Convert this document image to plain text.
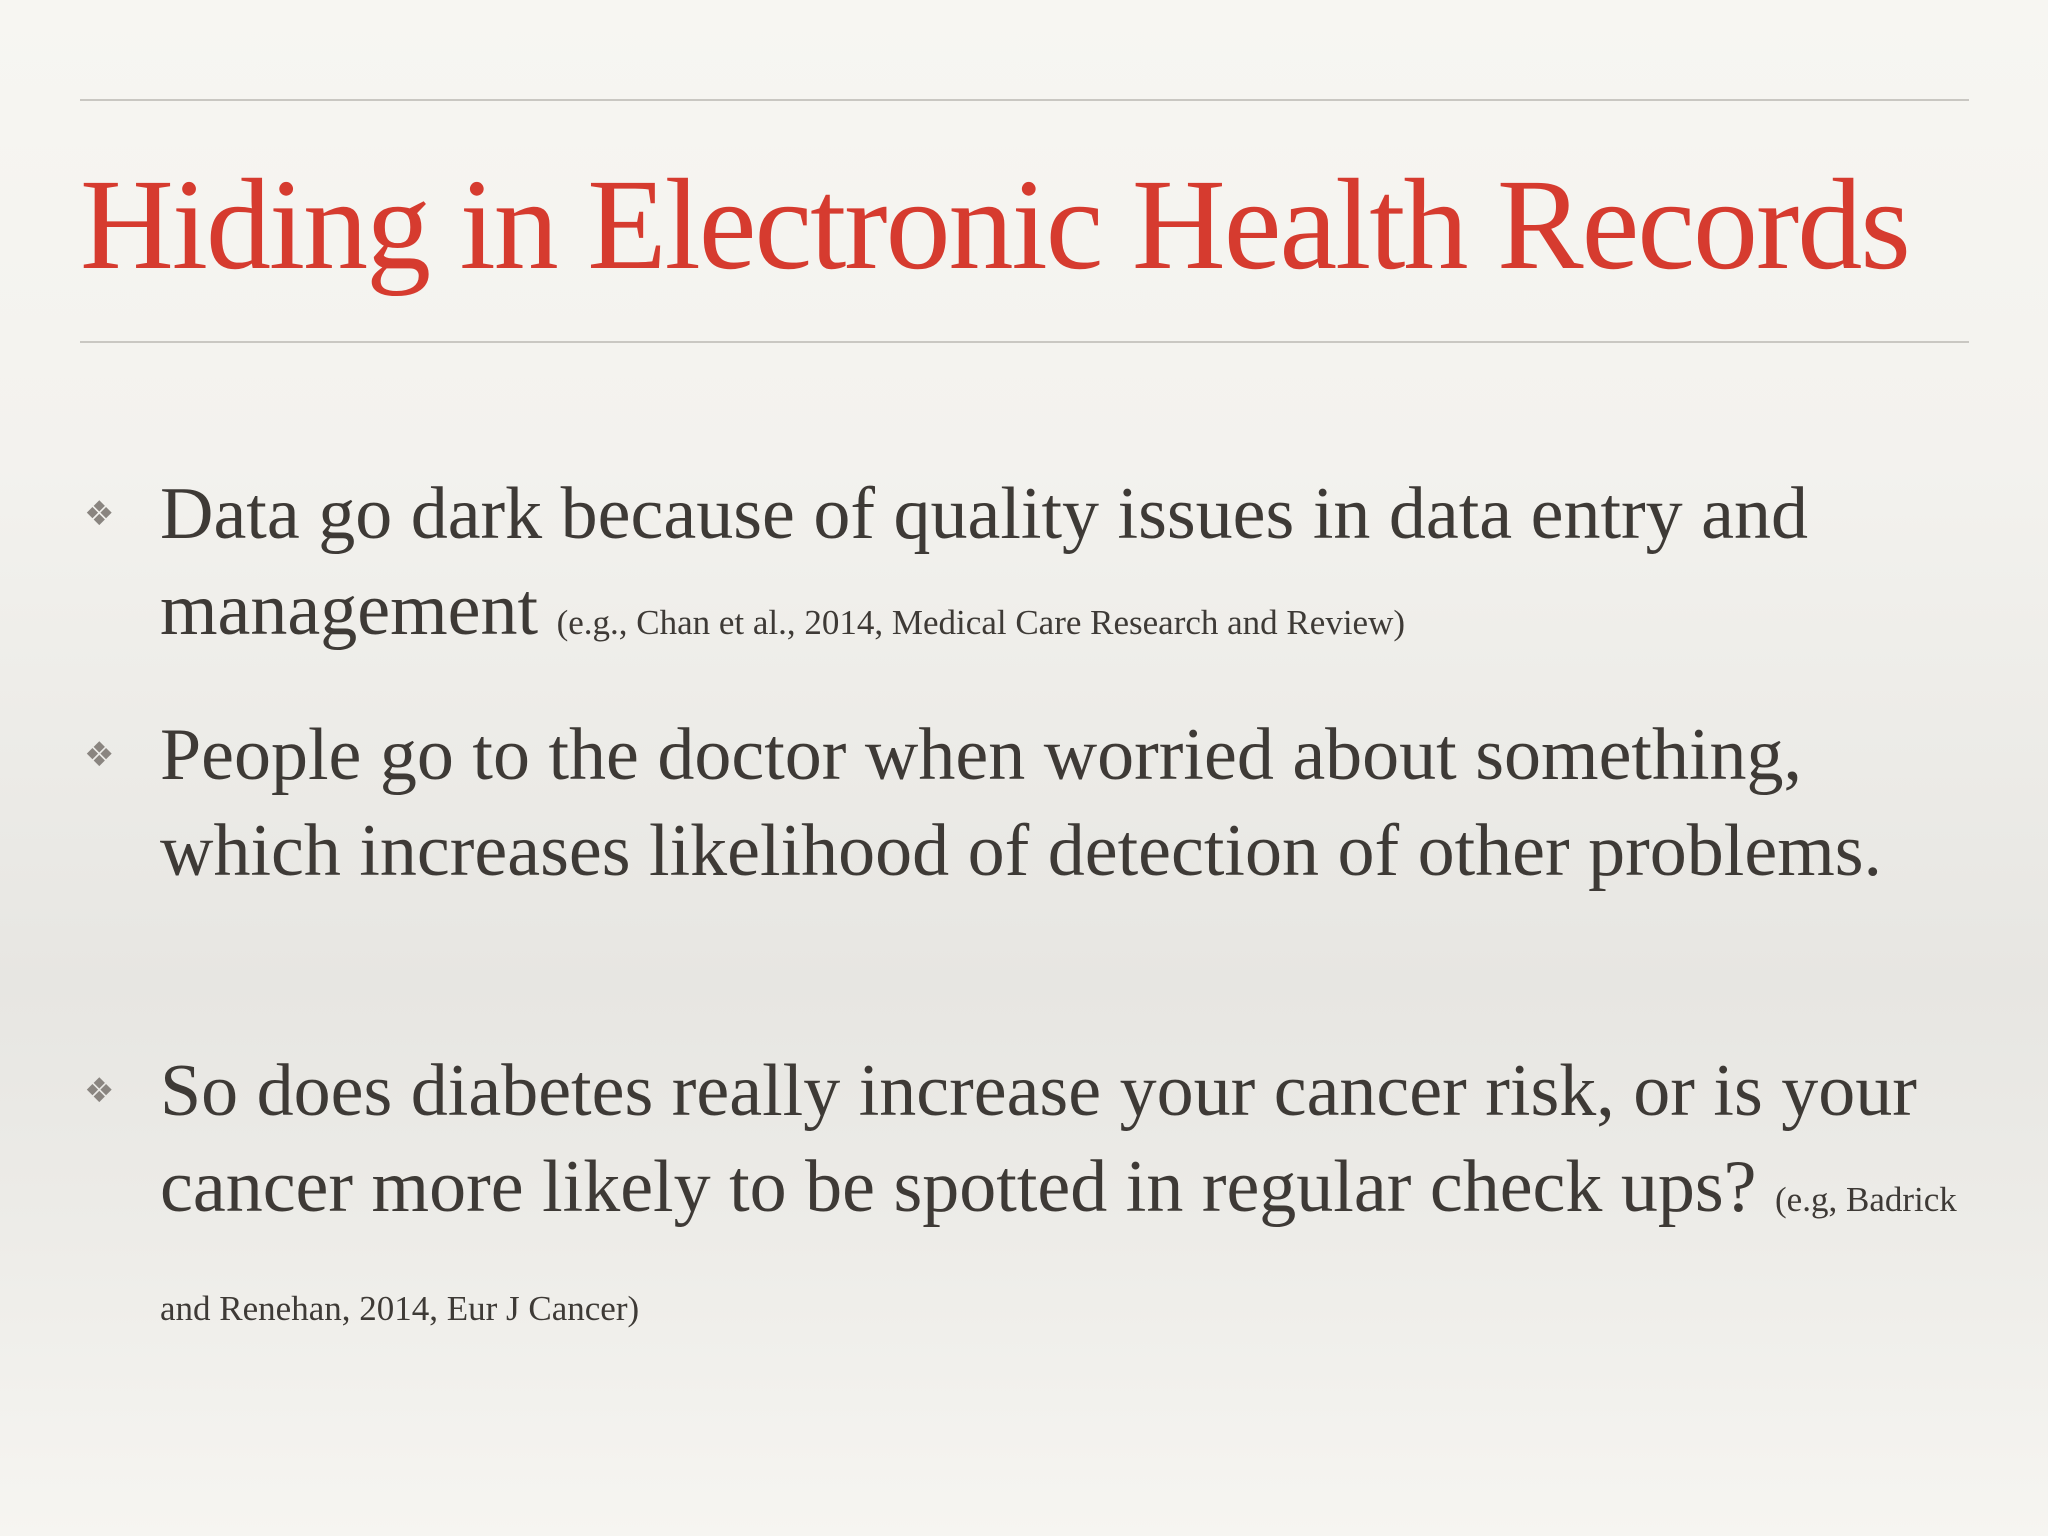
Hiding in Electronic Health Records
❖ Data go dark because of quality issues in data entry and management (e.g., Chan et al., 2014, Medical Care Research and Review)
❖ People go to the doctor when worried about something, which increases likelihood of detection of other problems.
❖ So does diabetes really increase your cancer risk, or is your cancer more likely to be spotted in regular check ups? (e.g, Badrick and Renehan, 2014, Eur J Cancer)
